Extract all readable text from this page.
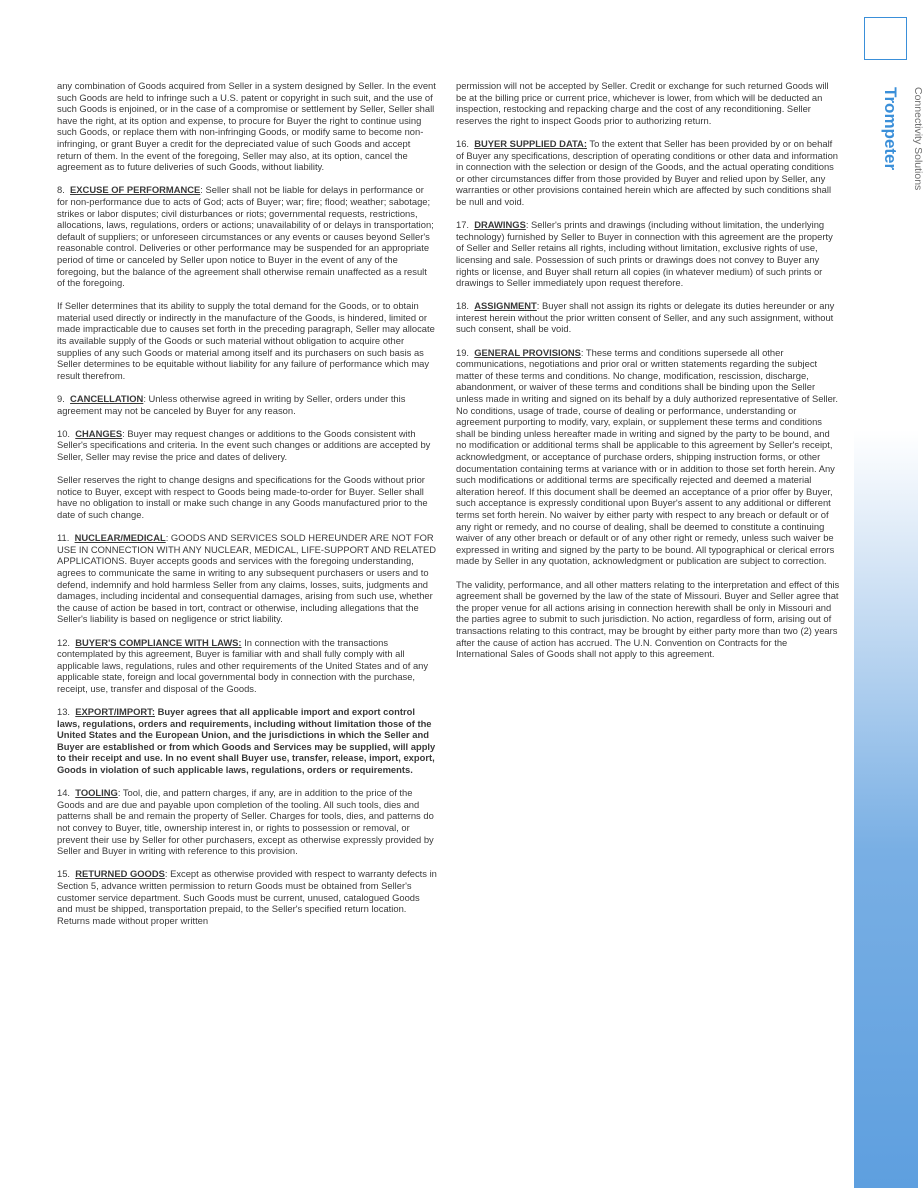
Trompeter Connectivity Solutions

any combination of Goods acquired from Seller in a system designed by Seller. In the event such Goods are held to infringe such a U.S. patent or copyright in such suit, and the use of such Goods is enjoined, or in the case of a compromise or settlement by Seller, Seller shall have the right, at its option and expense, to procure for Buyer the right to continue using such Goods, or replace them with non-infringing Goods, or modify same to become non-infringing, or grant Buyer a credit for the depreciated value of such Goods and accept return of them. In the event of the foregoing, Seller may also, at its option, cancel the agreement as to future deliveries of such Goods, without liability.

8. EXCUSE OF PERFORMANCE: Seller shall not be liable for delays in performance or for non-performance due to acts of God; acts of Buyer; war; fire; flood; weather; sabotage; strikes or labor disputes; civil disturbances or riots; governmental requests, restrictions, allocations, laws, regulations, orders or actions; unavailability of or delays in transportation; default of suppliers; or unforeseen circumstances or any events or causes beyond Seller's reasonable control. Deliveries or other performance may be suspended for an appropriate period of time or canceled by Seller upon notice to Buyer in the event of any of the foregoing, but the balance of the agreement shall otherwise remain unaffected as a result of the foregoing.

If Seller determines that its ability to supply the total demand for the Goods, or to obtain material used directly or indirectly in the manufacture of the Goods, is hindered, limited or made impracticable due to causes set forth in the preceding paragraph, Seller may allocate its available supply of the Goods or such material without obligation to acquire other supplies of any such Goods or material among itself and its purchasers on such basis as Seller determines to be equitable without liability for any failure of performance which may result therefrom.

9. CANCELLATION: Unless otherwise agreed in writing by Seller, orders under this agreement may not be canceled by Buyer for any reason.

10. CHANGES: Buyer may request changes or additions to the Goods consistent with Seller's specifications and criteria. In the event such changes or additions are accepted by Seller, Seller may revise the price and dates of delivery.

Seller reserves the right to change designs and specifications for the Goods without prior notice to Buyer, except with respect to Goods being made-to-order for Buyer. Seller shall have no obligation to install or make such change in any Goods manufactured prior to the date of such change.

11. NUCLEAR/MEDICAL: GOODS AND SERVICES SOLD HEREUNDER ARE NOT FOR USE IN CONNECTION WITH ANY NUCLEAR, MEDICAL, LIFE-SUPPORT AND RELATED APPLICATIONS. Buyer accepts goods and services with the foregoing understanding, agrees to communicate the same in writing to any subsequent purchasers or users and to defend, indemnify and hold harmless Seller from any claims, losses, suits, judgments and damages, including incidental and consequential damages, arising from such use, whether the cause of action be based in tort, contract or otherwise, including allegations that the Seller's liability is based on negligence or strict liability.

12. BUYER'S COMPLIANCE WITH LAWS: In connection with the transactions contemplated by this agreement, Buyer is familiar with and shall fully comply with all applicable laws, regulations, rules and other requirements of the United States and of any applicable state, foreign and local governmental body in connection with the purchase, receipt, use, transfer and disposal of the Goods.

13. EXPORT/IMPORT: Buyer agrees that all applicable import and export control laws, regulations, orders and requirements, including without limitation those of the United States and the European Union, and the jurisdictions in which the Seller and Buyer are established or from which Goods and Services may be supplied, will apply to their receipt and use. In no event shall Buyer use, transfer, release, import, export, Goods in violation of such applicable laws, regulations, orders or requirements.

14. TOOLING: Tool, die, and pattern charges, if any, are in addition to the price of the Goods and are due and payable upon completion of the tooling. All such tools, dies and patterns shall be and remain the property of Seller. Charges for tools, dies, and patterns do not convey to Buyer, title, ownership interest in, or rights to possession or removal, or prevent their use by Seller for other purchasers, except as otherwise expressly provided by Seller and Buyer in writing with reference to this provision.

15. RETURNED GOODS: Except as otherwise provided with respect to warranty defects in Section 5, advance written permission to return Goods must be obtained from Seller's customer service department. Such Goods must be current, unused, catalogued Goods and must be shipped, transportation prepaid, to the Seller's specified return location. Returns made without proper written

permission will not be accepted by Seller. Credit or exchange for such returned Goods will be at the billing price or current price, whichever is lower, from which will be deducted an inspection, restocking and repacking charge and the cost of any reconditioning. Seller reserves the right to inspect Goods prior to authorizing return.

16. BUYER SUPPLIED DATA: To the extent that Seller has been provided by or on behalf of Buyer any specifications, description of operating conditions or other data and information in connection with the selection or design of the Goods, and the actual operating conditions or other circumstances differ from those provided by Buyer and relied upon by Seller, any warranties or other provisions contained herein which are affected by such conditions shall be null and void.

17. DRAWINGS: Seller's prints and drawings (including without limitation, the underlying technology) furnished by Seller to Buyer in connection with this agreement are the property of Seller and Seller retains all rights, including without limitation, exclusive rights of use, licensing and sale. Possession of such prints or drawings does not convey to Buyer any rights or license, and Buyer shall return all copies (in whatever medium) of such prints or drawings to Seller immediately upon request therefore.

18. ASSIGNMENT: Buyer shall not assign its rights or delegate its duties hereunder or any interest herein without the prior written consent of Seller, and any such assignment, without such consent, shall be void.

19. GENERAL PROVISIONS: These terms and conditions supersede all other communications, negotiations and prior oral or written statements regarding the subject matter of these terms and conditions. No change, modification, rescission, discharge, abandonment, or waiver of these terms and conditions shall be binding upon the Seller unless made in writing and signed on its behalf by a duly authorized representative of Seller. No conditions, usage of trade, course of dealing or performance, understanding or agreement purporting to modify, vary, explain, or supplement these terms and conditions shall be binding unless hereafter made in writing and signed by the party to be bound, and no modification or additional terms shall be applicable to this agreement by Seller's receipt, acknowledgment, or acceptance of purchase orders, shipping instruction forms, or other documentation containing terms at variance with or in addition to those set forth herein. Any such modifications or additional terms are specifically rejected and deemed a material alteration hereof. If this document shall be deemed an acceptance of a prior offer by Buyer, such acceptance is expressly conditional upon Buyer's assent to any additional or different terms set forth herein. No waiver by either party with respect to any breach or default or of any right or remedy, and no course of dealing, shall be deemed to constitute a continuing waiver of any other breach or default or of any other right or remedy, unless such waiver be expressed in writing and signed by the party to be bound. All typographical or clerical errors made by Seller in any quotation, acknowledgment or publication are subject to correction.

The validity, performance, and all other matters relating to the interpretation and effect of this agreement shall be governed by the law of the state of Missouri. Buyer and Seller agree that the proper venue for all actions arising in connection herewith shall be only in Missouri and the parties agree to submit to such jurisdiction. No action, regardless of form, arising out of transactions relating to this contract, may be brought by either party more than two (2) years after the cause of action has accrued. The U.N. Convention on Contracts for the International Sales of Goods shall not apply to this agreement.
